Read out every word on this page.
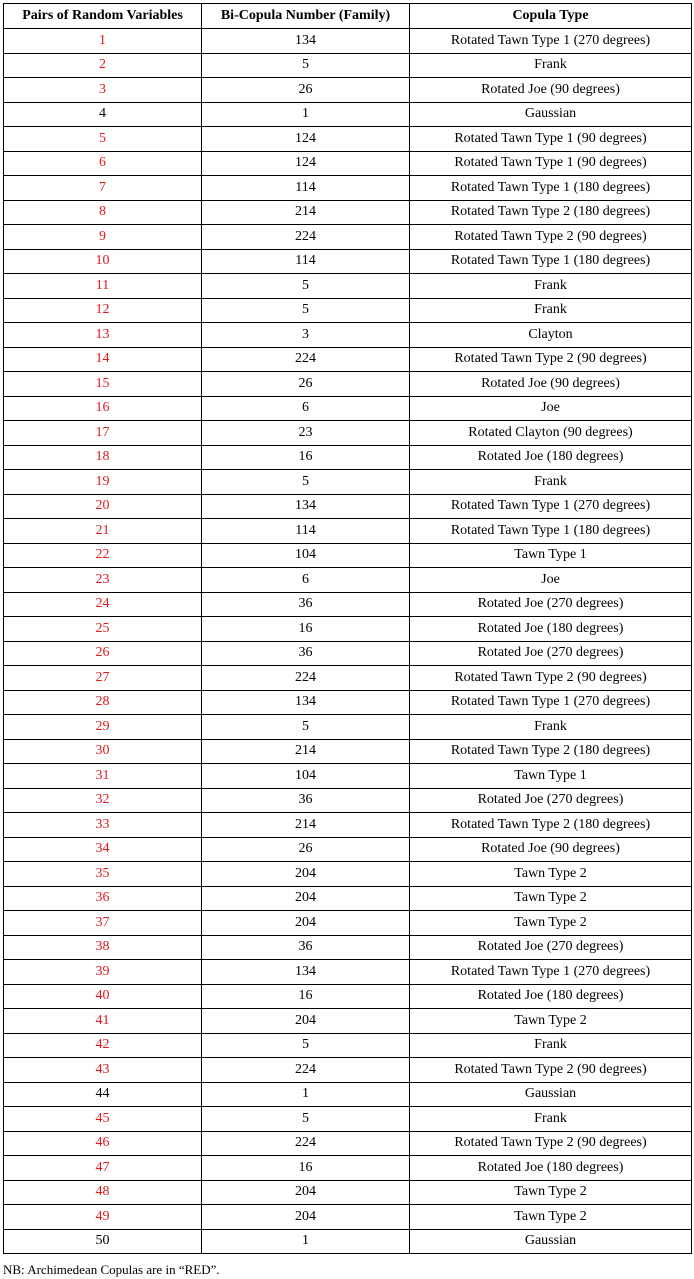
Pairs of Random Variables	Bi-Copula Number (Family)	Copula Type
1	134	Rotated Tawn Type 1 (270 degrees)
2	5	Frank
3	26	Rotated Joe (90 degrees)
4	1	Gaussian
5	124	Rotated Tawn Type 1 (90 degrees)
6	124	Rotated Tawn Type 1 (90 degrees)
7	114	Rotated Tawn Type 1 (180 degrees)
8	214	Rotated Tawn Type 2 (180 degrees)
9	224	Rotated Tawn Type 2 (90 degrees)
10	114	Rotated Tawn Type 1 (180 degrees)
11	5	Frank
12	5	Frank
13	3	Clayton
14	224	Rotated Tawn Type 2 (90 degrees)
15	26	Rotated Joe (90 degrees)
16	6	Joe
17	23	Rotated Clayton (90 degrees)
18	16	Rotated Joe (180 degrees)
19	5	Frank
20	134	Rotated Tawn Type 1 (270 degrees)
21	114	Rotated Tawn Type 1 (180 degrees)
22	104	Tawn Type 1
23	6	Joe
24	36	Rotated Joe (270 degrees)
25	16	Rotated Joe (180 degrees)
26	36	Rotated Joe (270 degrees)
27	224	Rotated Tawn Type 2 (90 degrees)
28	134	Rotated Tawn Type 1 (270 degrees)
29	5	Frank
30	214	Rotated Tawn Type 2 (180 degrees)
31	104	Tawn Type 1
32	36	Rotated Joe (270 degrees)
33	214	Rotated Tawn Type 2 (180 degrees)
34	26	Rotated Joe (90 degrees)
35	204	Tawn Type 2
36	204	Tawn Type 2
37	204	Tawn Type 2
38	36	Rotated Joe (270 degrees)
39	134	Rotated Tawn Type 1 (270 degrees)
40	16	Rotated Joe (180 degrees)
41	204	Tawn Type 2
42	5	Frank
43	224	Rotated Tawn Type 2 (90 degrees)
44	1	Gaussian
45	5	Frank
46	224	Rotated Tawn Type 2 (90 degrees)
47	16	Rotated Joe (180 degrees)
48	204	Tawn Type 2
49	204	Tawn Type 2
50	1	Gaussian
NB: Archimedean Copulas are in “RED”.
